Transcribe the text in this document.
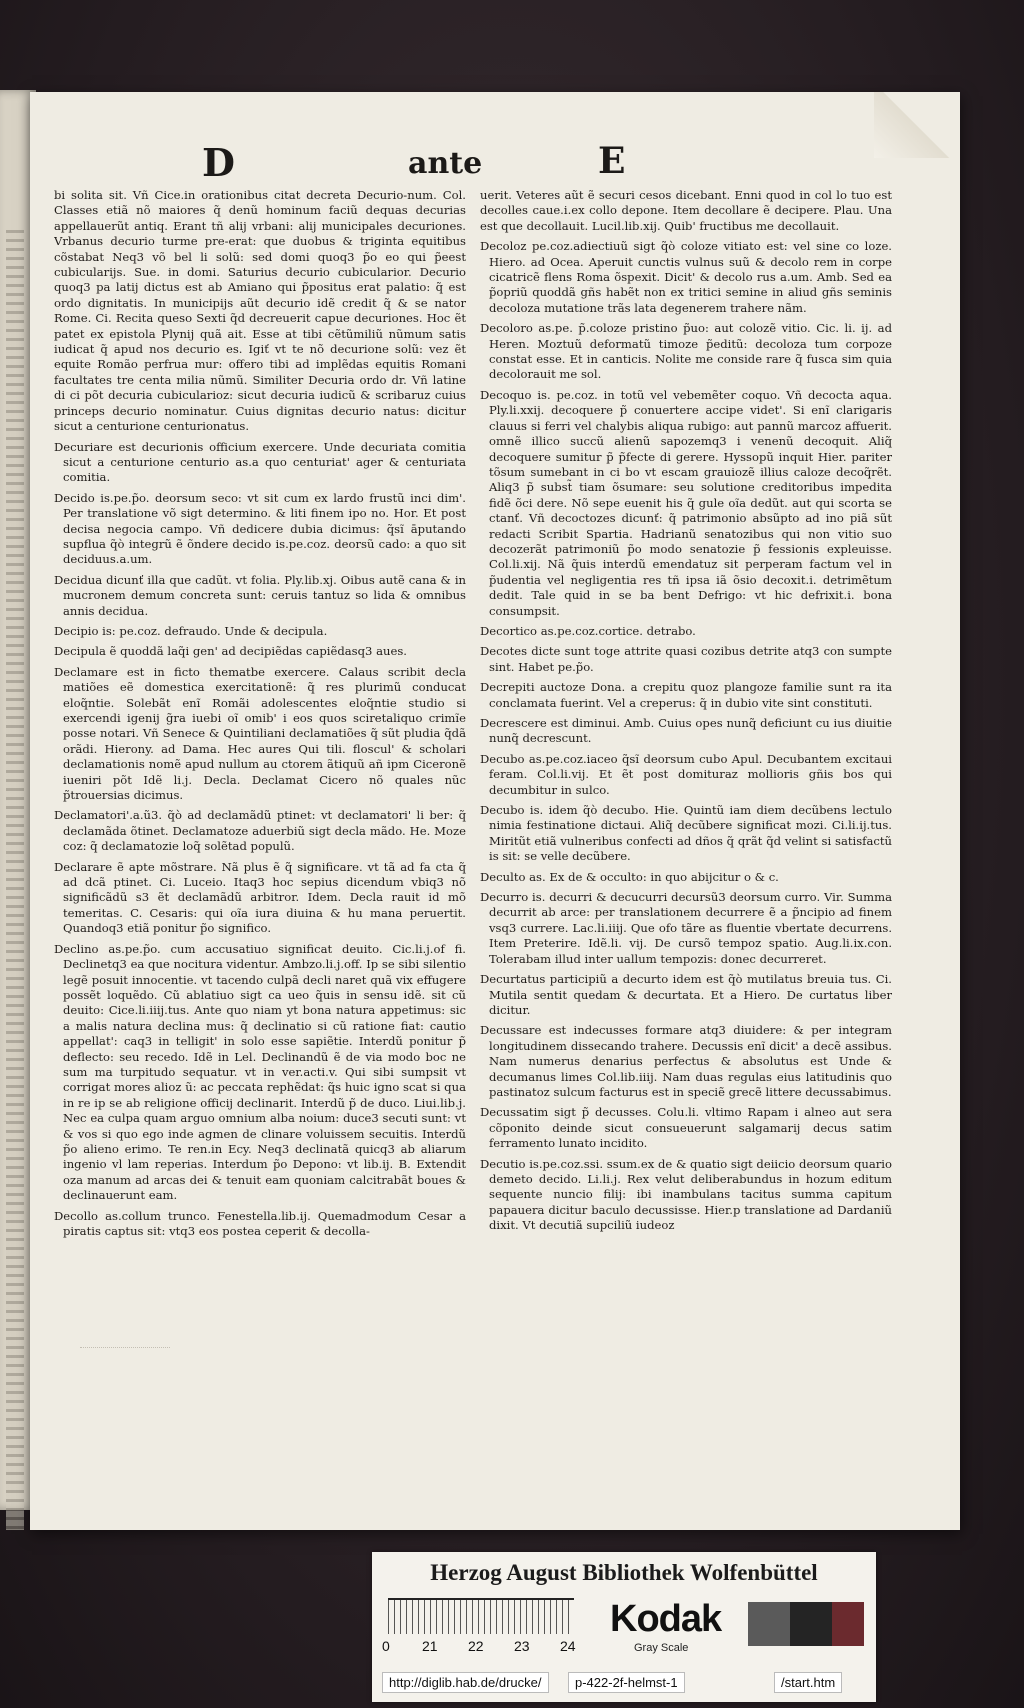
D	ante	E

bi solita sit. Vñ Cice.in orationibus citat decreta Decurio-num. Col. Classes etiã nõ maiores q̃ denũ hominum faciũ dequas decurias appellauerũt antiq. Erant tñ alij vrbani: alij municipales decuriones. Vrbanus decurio turme pre-erat: que duobus & triginta equitibus cõstabat Neq3 võ bel li solũ: sed domi quoq3 p̃o eo qui p̃eest cubicularijs. Sue. in domi. Saturius decurio cubicularior. Decurio quoq3 pa latij dictus est ab Amiano qui p̃positus erat palatio: q̃ est ordo dignitatis. In municipijs aũt decurio idẽ credit q̃ & se nator Rome. Ci. Recita queso Sexti q̃d decreuerit capue decuriones. Hoc ẽt patet ex epistola Plynij quã ait. Esse at tibi cẽtũmiliũ nũmum satis iudicat q̃ apud nos decurio es. Igiť vt te nõ decurione solũ: vez ẽt equite Romão perfrua mur: offero tibi ad implẽdas equitis Romani facultates tre centa milia nũmũ. Similiter Decuria ordo dr. Vñ latine di ci põt decuria cubicularioz: sicut decuria iudicũ & scribaruz cuius princeps decurio nominatur. Cuius dignitas decurio natus: dicitur sicut a centurione centurionatus.

Decuriare est decurionis officium exercere. Unde decuriata comitia sicut a centurione centurio as.a quo centuriat' ager & centuriata comitia.

Decido is.pe.p̃o. deorsum seco: vt sit cum ex lardo frustũ inci dim'. Per translatione võ sigt determino. & liti finem ipo no. Hor. Et post decisa negocia campo. Vñ dedicere dubia dicimus: q̃sĩ āputando supflua q̃ò integrũ ẽ õndere decido is.pe.coz. deorsũ cado: a quo sit deciduus.a.um.

Decidua dicunť illa que cadũt. vt folia. Ply.lib.xj. Oibus autẽ cana & in mucronem demum concreta sunt: ceruis tantuz so lida & omnibus annis decidua.

Decipio is: pe.coz. defraudo. Unde & decipula.

Decipula ẽ quoddã laq̃i gen' ad decipiẽdas capiẽdasq3 aues.

Declamare est in ficto thematbe exercere. Calaus scribit decla matiões eẽ domestica exercitationẽ: q̃ res plurimũ conducat eloq̃ntie. Solebãt enĩ Romãi adolescentes eloq̃ntie studio si exercendi igenij g̃ra iuebi oĩ omib' i eos quos sciretaliquo crimĩe posse notari. Vñ Senece & Quintiliani declamatiões q̃ sũt pludia q̃dã orãdi. Hierony. ad Dama. Hec aures Qui tili. floscul' & scholari declamationis nomẽ apud nullum au ctorem ãtiquũ añ ipm Ciceronẽ iueniri põt Idẽ li.j. Decla. Declamat Cicero nõ quales nũc p̃trouersias dicimus.

Declamatori'.a.ũ3. q̃ò ad declamãdũ ptinet: vt declamatori' li ber: q̃ declamãda õtinet. Declamatoze aduerbiũ sigt decla mãdo. He. Moze coz: q̃ declamatozie loq̃ solẽtad populũ.

Declarare ẽ apte mõstrare. Nã plus ẽ q̃ significare. vt tã ad fa cta q̃ ad dcã ptinet. Ci. Luceio. Itaq3 hoc sepius dicendum vbiq3 nõ significãdũ s3 ẽt declamãdũ arbitror. Idem. Decla rauit id mõ temeritas. C. Cesaris: qui oĩa iura diuina & hu mana peruertit. Quandoq3 etiã ponitur p̃o significo.

Declino as.pe.p̃o. cum accusatiuo significat deuito. Cic.li.j.of fi. Declinetq3 ea que nocitura videntur. Ambzo.li.j.off. Ip se sibi silentio legẽ posuit innocentie. vt tacendo culpã decli naret quã vix effugere possẽt loquẽdo. Cũ ablatiuo sigt ca ueo q̃uis in sensu idẽ. sit cũ deuito: Cice.li.iiij.tus. Ante quo niam yt bona natura appetimus: sic a malis natura declina mus: q̃ declinatio si cũ ratione fiat: cautio appellat': caq3 in telligit' in solo esse sapiẽtie. Interdũ ponitur p̃ deflecto: seu recedo. Idẽ in Lel. Declinandũ ẽ de via modo boc ne sum ma turpitudo sequatur. vt in ver.acti.v. Qui sibi sumpsit vt corrigat mores alioz ũ: ac peccata rephẽdat: q̃s huic igno scat si qua in re ip se ab religione officij declinarit. Interdũ p̃ de duco. Liui.lib.j. Nec ea culpa quam arguo omnium alba noium: duce3 secuti sunt: vt & vos si quo ego inde agmen de clinare voluissem secuitis. Interdũ p̃o alieno erimo. Te ren.in Ecy. Neq3 declinatã quicq3 ab aliarum ingenio vl lam reperias. Interdum p̃o Depono: vt lib.ij. B. Extendit oza manum ad arcas dei & tenuit eam quoniam calcitrabãt boues & declinauerunt eam.

Decollo as.collum trunco. Fenestella.lib.ij. Quemadmodum Cesar a piratis captus sit: vtq3 eos postea ceperit & decolla-

uerit. Veteres aũt ẽ securi cesos dicebant. Enni quod in col lo tuo est decolles caue.i.ex collo depone. Item decollare ẽ decipere. Plau. Una est que decollauit. Lucil.lib.xij. Quib' fructibus me decollauit.

Decoloz pe.coz.adiectiuũ sigt q̃ò coloze vitiato est: vel sine co loze. Hiero. ad Ocea. Aperuit cunctis vulnus suũ & decolo rem in corpe cicatricẽ flens Roma õspexit. Dicit' & decolo rus a.um. Amb. Sed ea p̃opriũ quoddã gñs habẽt non ex tritici semine in aliud gñs seminis decoloza mutatione trãs lata degenerem trahere nãm.

Decoloro as.pe. p̃.coloze pristino p̃uo: aut colozẽ vitio. Cic. li. ij. ad Heren. Moztuũ deformatũ timoze p̃editũ: decoloza tum corpoze constat esse. Et in canticis. Nolite me conside rare q̃ fusca sim quia decolorauit me sol.

Decoquo is. pe.coz. in totũ vel vebemẽter coquo. Vñ decocta aqua. Ply.li.xxij. decoquere p̃ conuertere accipe videt'. Si enĩ clarigaris clauus si ferri vel chalybis aliqua rubigo: aut pannũ marcoz affuerit. omnẽ illico succũ alienũ sapozemq3 i venenũ decoquit. Aliq̃ decoquere sumitur p̃ p̃fecte di gerere. Hyssopũ inquit Hier. pariter tõsum sumebant in ci bo vt escam grauiozẽ illius caloze decoq̃rẽt. Aliq3 p̃ subst̃ tiam õsumare: seu solutione creditoribus impedita fidẽ õci dere. Nõ sepe euenit his q̃ gule oĩa dedũt. aut qui scorta se ctanť. Vñ decoctozes dicunť: q̃ patrimonio absũpto ad ino piã sũt redacti Scribit Spartia. Hadrianũ senatozibus qui non vitio suo decozerãt patrimoniũ p̃o modo senatozie p̃ fessionis expleuisse. Col.li.xij. Nã q̃uis interdũ emendatuz sit perperam factum vel in p̃udentia vel negligentia res tñ ipsa iã õsio decoxit.i. detrimẽtum dedit. Tale quid in se ba bent Defrigo: vt hic defrixit.i. bona consumpsit.

Decortico as.pe.coz.cortice. detrabo.

Decotes dicte sunt toge attrite quasi cozibus detrite atq3 con sumpte sint. Habet pe.p̃o.

Decrepiti auctoze Dona. a crepitu quoz plangoze familie sunt ra ita conclamata fuerint. Vel a creperus: q̃ in dubio vite sint constituti.

Decrescere est diminui. Amb. Cuius opes nunq̃ deficiunt cu ius diuitie nunq̃ decrescunt.

Decubo as.pe.coz.iaceo q̃sĩ deorsum cubo Apul. Decubantem excitaui feram. Col.li.vij. Et ẽt post domituraz mollioris gñis bos qui decumbitur in sulco.

Decubo is. idem q̃ò decubo. Hie. Quintũ iam diem decũbens lectulo nimia festinatione dictaui. Aliq̃ decũbere significat mozi. Ci.li.ij.tus. Miritũt etiã vulneribus confecti ad dños q̃ qrãt q̃d velint si satisfactũ is sit: se velle decũbere.

Deculto as. Ex de & occulto: in quo abijcitur o & c.

Decurro is. decurri & decucurri decursũ3 deorsum curro. Vir. Summa decurrit ab arce: per translationem decurrere ẽ a p̃ncipio ad finem vsq3 currere. Lac.li.iiij. Que ofo tãre as fluentie vbertate decurrens. Item Preterire. Idẽ.li. vij. De cursõ tempoz spatio. Aug.li.ix.con. Tolerabam illud inter uallum tempozis: donec decurreret.

Decurtatus participiũ a decurto idem est q̃ò mutilatus breuia tus. Ci. Mutila sentit quedam & decurtata. Et a Hiero. De curtatus liber dicitur.

Decussare est indecusses formare atq3 diuidere: & per integram longitudinem dissecando trahere. Decussis enĩ dicit' a decẽ assibus. Nam numerus denarius perfectus & absolutus est Unde & decumanus limes Col.lib.iiij. Nam duas regulas eius latitudinis quo pastinatoz sulcum facturus est in speciẽ grecẽ littere decussabimus.

Decussatim sigt p̃ decusses. Colu.li. vltimo Rapam i alneo aut sera cõponito deinde sicut consueuerunt salgamarij decus satim ferramento lunato incidito.

Decutio is.pe.coz.ssi. ssum.ex de & quatio sigt deiicio deorsum quario demeto decido. Li.li.j. Rex velut deliberabundus in hozum editum sequente nuncio filij: ibi inambulans tacitus summa capitum papauera dicitur baculo decussisse. Hier.p translatione ad Dardaniũ dixit. Vt decutiã supciliũ iudeoz

Herzog August Bibliothek Wolfenbüttel
0 21 22 23 24
Kodak
Gray Scale
http://diglib.hab.de/drucke/	p-422-2f-helmst-1	/start.htm
